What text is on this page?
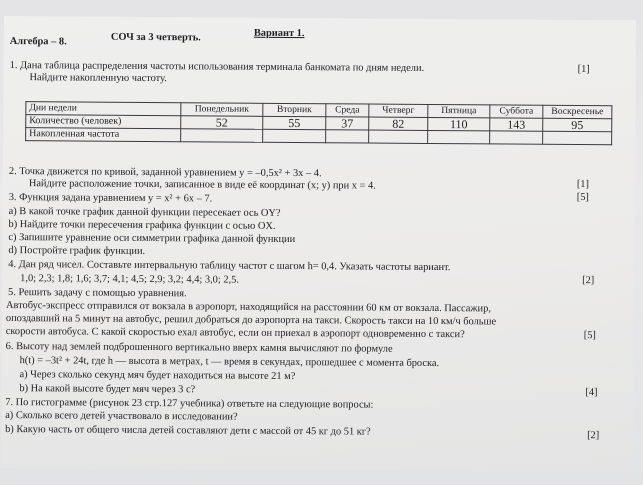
Алгебра – 8.	СОЧ за 3 четверть.	Вариант 1.
1. Дана таблица распределения частоты использования терминала банкомата по дням недели.
Найдите накопленную частоту.
[1]
Дни недели	Понедельник	Вторник	Среда	Четверг	Пятница	Суббота	Воскресенье
Количество (человек)	52	55	37	82	110	143	95
Накопленная частота							
2. Точка движется по кривой, заданной уравнением y = –0,5x² + 3x – 4.
Найдите расположение точки, записанное в виде её координат (x; y) при x = 4.	[1]
3. Функция задана уравнением y = x² + 6x – 7.	[5]
a) В какой точке график данной функции пересекает ось OY?
b) Найдите точки пересечения графика функции с осью OX.
c) Запишите уравнение оси симметрии графика данной функции
d) Постройте график функции.
4. Дан ряд чисел. Составьте интервальную таблицу частот с шагом h= 0,4. Указать частоты вариант.
1,0; 2,3; 1,8; 1,6; 3,7; 4,1; 4,5; 2,9; 3,2; 4,4; 3,0; 2,5.	[2]
5. Решить задачу с помощью уравнения.
Автобус-экспресс отправился от вокзала в аэропорт, находящийся на расстоянии 60 км от вокзала. Пассажир,
опоздавший на 5 минут на автобус, решил добраться до аэропорта на такси. Скорость такси на 10 км/ч больше
скорости автобуса. С какой скоростью ехал автобус, если он приехал в аэропорт одновременно с такси?	[5]
6. Высоту над землей подброшенного вертикально вверх камня вычисляют по формуле
h(t) = –3t² + 24t, где h — высота в метрах, t — время в секундах, прошедшее с момента броска.
a) Через сколько секунд мяч будет находиться на высоте 21 м?
b) На какой высоте будет мяч через 3 с?	[4]
7. По гистограмме (рисунок 23 стр.127 учебника) ответьте на следующие вопросы:
a) Сколько всего детей участвовало в исследовании?
b) Какую часть от общего числа детей составляют дети с массой от 45 кг до 51 кг?	[2]
